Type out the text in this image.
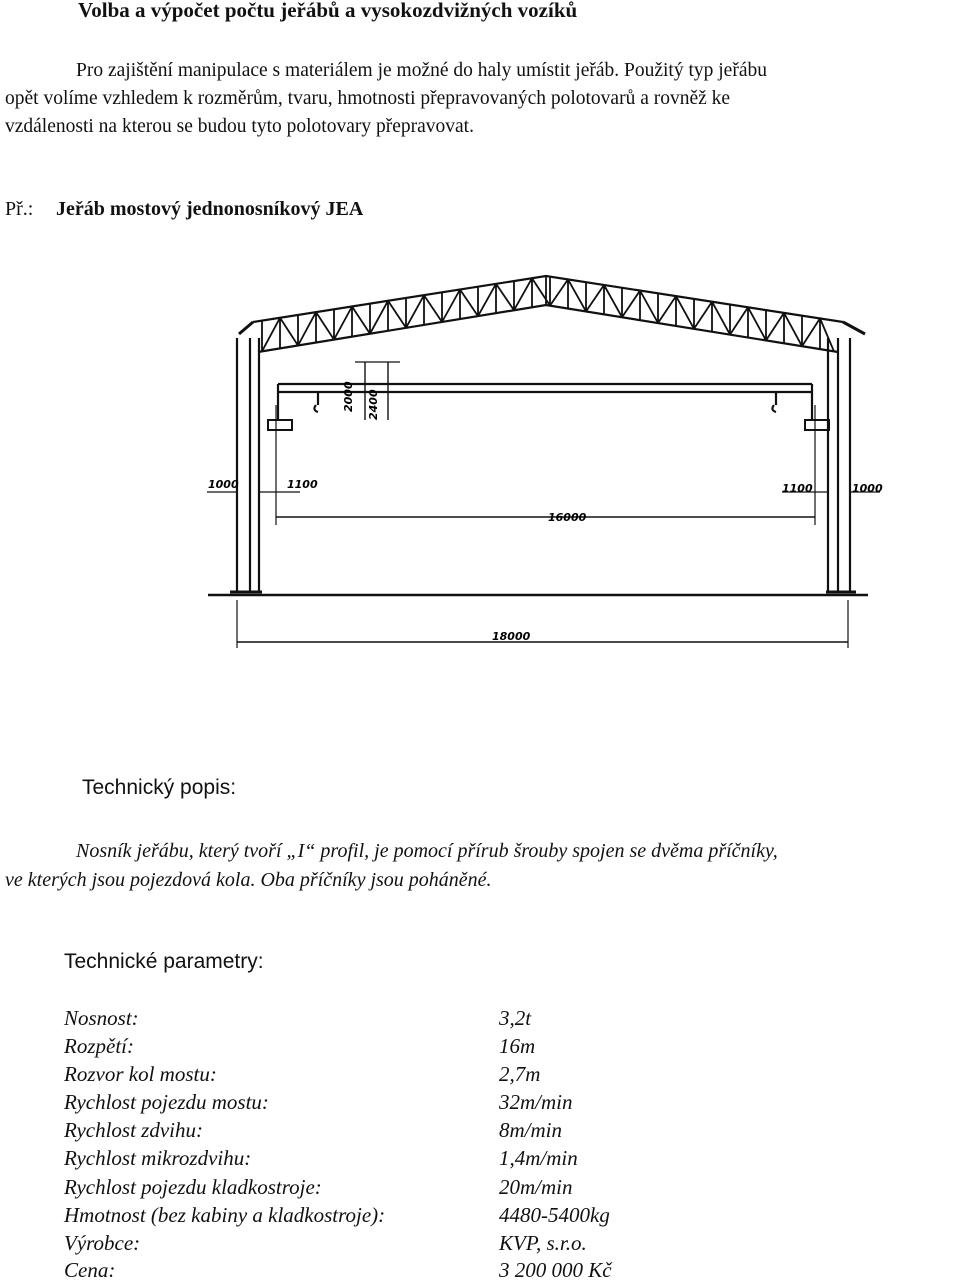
Volba a výpočet počtu jeřábů a vysokozdvižných vozíků

Pro zajištění manipulace s materiálem je možné do haly umístit jeřáb. Použitý typ jeřábu

opět volíme vzhledem k rozměrům, tvaru, hmotnosti přepravovaných polotovarů a rovněž ke

vzdálenosti na kterou se budou tyto polotovary přepravovat.

Př.: Jeřáb mostový jednonosníkový JEA
1000	1100	1100	1000
16000
18000
2000 2400
Technický popis:

Nosník jeřábu, který tvoří „I“ profil, je pomocí přírub šrouby spojen se dvěma příčníky,

ve kterých jsou pojezdová kola. Oba příčníky jsou poháněné.

Technické parametry:
Nosnost:	3,2t
Rozpětí:	16m
Rozvor kol mostu:	2,7m
Rychlost pojezdu mostu:	32m/min
Rychlost zdvihu:	8m/min
Rychlost mikrozdvihu:	1,4m/min
Rychlost pojezdu kladkostroje:	20m/min
Hmotnost (bez kabiny a kladkostroje):	4480-5400kg
Výrobce:	KVP, s.r.o.
Cena:	3 200 000 Kč
